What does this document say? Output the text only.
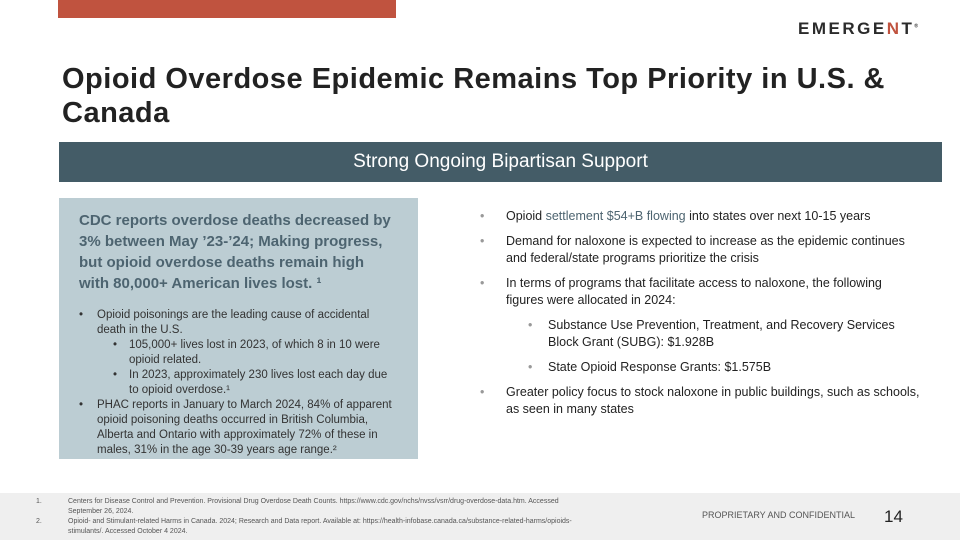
EMERGENT®
Opioid Overdose Epidemic Remains Top Priority in U.S. & Canada
Strong Ongoing Bipartisan Support
CDC reports overdose deaths decreased by 3% between May ’23-’24; Making progress, but opioid overdose deaths remain high with 80,000+ American lives lost. ¹
• Opioid poisonings are the leading cause of accidental death in the U.S.
• 105,000+ lives lost in 2023, of which 8 in 10 were opioid related.
• In 2023, approximately 230 lives lost each day due to opioid overdose.¹
• PHAC reports in January to March 2024, 84% of apparent opioid poisoning deaths occurred in British Columbia, Alberta and Ontario with approximately 72% of these in males, 31% in the age 30-39 years age range.²
• Opioid settlement $54+B flowing into states over next 10-15 years
• Demand for naloxone is expected to increase as the epidemic continues and federal/state programs prioritize the crisis
• In terms of programs that facilitate access to naloxone, the following figures were allocated in 2024:
• Substance Use Prevention, Treatment, and Recovery Services Block Grant (SUBG): $1.928B
• State Opioid Response Grants: $1.575B
• Greater policy focus to stock naloxone in public buildings, such as schools, as seen in many states
1.	Centers for Disease Control and Prevention. Provisional Drug Overdose Death Counts. https://www.cdc.gov/nchs/nvss/vsrr/drug-overdose-data.htm. Accessed September 26, 2024.
2.	Opioid- and Stimulant-related Harms in Canada. 2024; Research and Data report. Available at: https://health-infobase.canada.ca/substance-related-harms/opioids-stimulants/. Accessed October 4 2024.
PROPRIETARY AND CONFIDENTIAL 14
